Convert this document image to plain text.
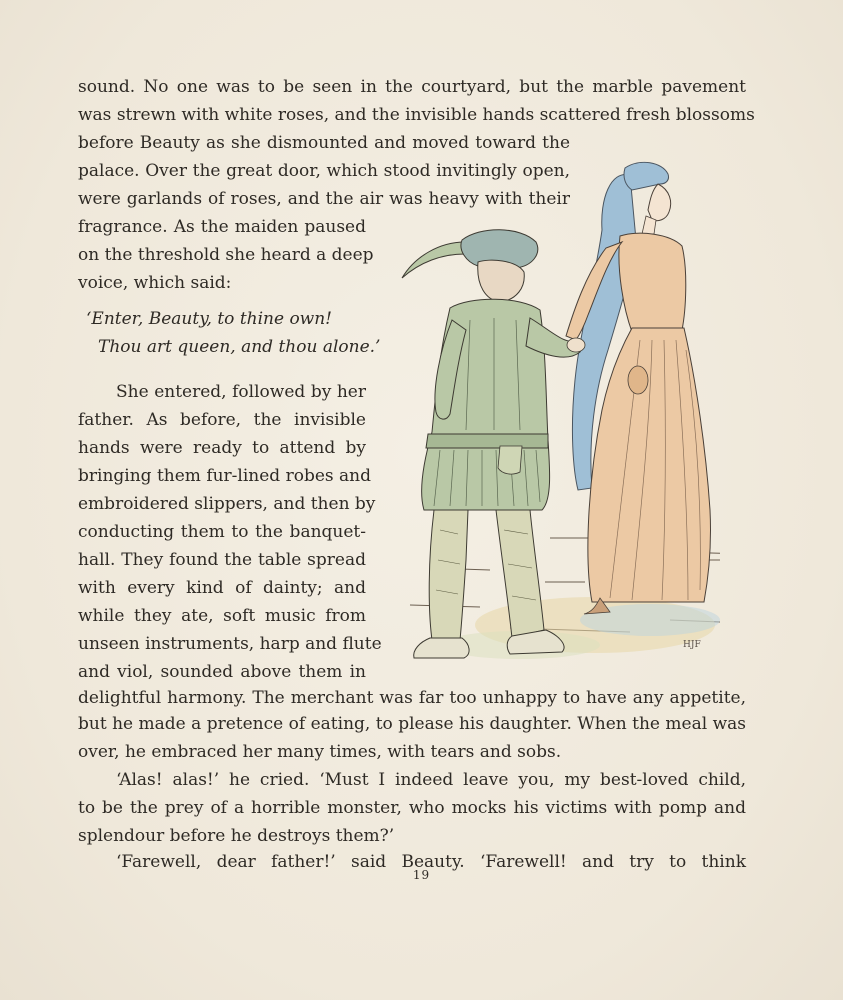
sound. No one was to be seen in the courtyard, but the marble pavement
was strewn with white roses, and the invisible hands scattered fresh blossoms
before Beauty as she dismounted and moved toward the
palace. Over the great door, which stood invitingly open,
were garlands of roses, and the air was heavy with their
fragrance. As the maiden paused
on the threshold she heard a deep
voice, which said:
‘Enter, Beauty, to thine own!
Thou art queen, and thou alone.’
She entered, followed by her
father. As before, the invisible
hands were ready to attend by
bringing them fur-lined robes and
embroidered slippers, and then by
conducting them to the banquet-
hall. They found the table spread
with every kind of dainty; and
while they ate, soft music from
unseen instruments, harp and flute
and viol, sounded above them in
delightful harmony. The merchant was far too unhappy to have any appetite,
but he made a pretence of eating, to please his daughter. When the meal was
over, he embraced her many times, with tears and sobs.
‘Alas! alas!’ he cried. ‘Must I indeed leave you, my best-loved child,
to be the prey of a horrible monster, who mocks his victims with pomp and
splendour before he destroys them?’
‘Farewell, dear father!’ said Beauty. ‘Farewell! and try to think
19
HJF
